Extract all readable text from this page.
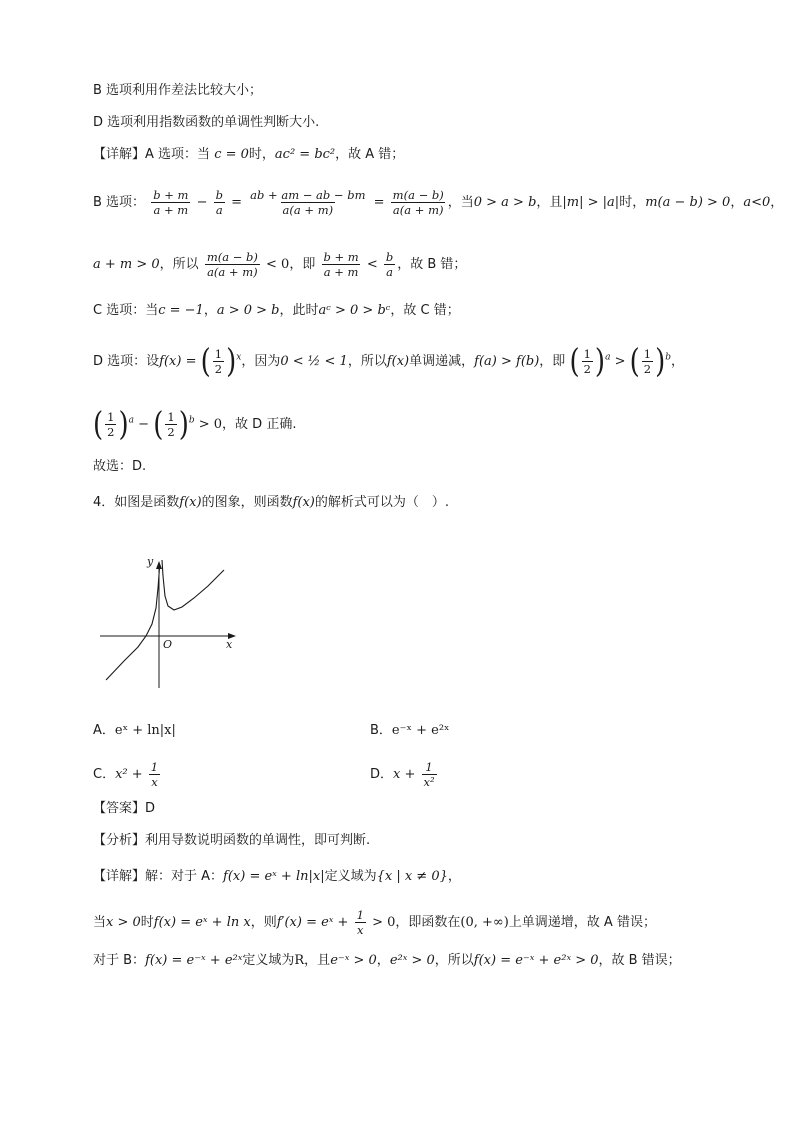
B 选项利用作差法比较大小；
D 选项利用指数函数的单调性判断大小.
【详解】A 选项：当 c = 0时，ac² = bc²，故 A 错；
B 选项： $\frac{b + m}{a + m} - \frac{b}{a} = \frac{ab + am - ab - bm}{a(a + m)} = \frac{m(a - b)}{a(a + m)}$ ，当0 > a > b，且|m| > |a|时，m(a − b) > 0，a<0，
a + m > 0，所以 $\frac{m(a - b)}{a(a + m)} < 0$，即 $\frac{b + m}{a + m} < \frac{b}{a}$ ，故 B 错；
C 选项：当c = −1，a > 0 > b，此时aᶜ > 0 > bᶜ，故 C 错；
D 选项：设f(x) = ( $\frac{1}{2} )^x$，因为0 < ½ < 1，所以f(x)单调递减，f(a) > f(b)，即 ( $\frac{1}{2} )^a$ > ( $\frac{1}{2} )^b$，
( $\frac{1}{2} )^a$ − ( $\frac{1}{2} )^b > 0$，故 D 正确.
故选：D.
4．如图是函数f(x)的图象，则函数f(x)的解析式可以为（　）.
y
x
O
A．eˣ + ln|x|	B．e⁻ˣ + e²ˣ
C．$x^2 + \frac{1}{x}$	D．$x + \frac{1}{\text{x²}}$
【答案】D
【分析】利用导数说明函数的单调性，即可判断.
【详解】解：对于 A：f(x) = eˣ + ln|x|定义域为{x | x ≠ 0}，
当x > 0时f(x) = eˣ + ln x，则f′(x) = eˣ + $\frac{1}{x} > 0$，即函数在(0, +∞)上单调递增，故 A 错误；
对于 B：f(x) = e⁻ˣ + e²ˣ定义域为R，且e⁻ˣ > 0，e²ˣ > 0，所以f(x) = e⁻ˣ + e²ˣ > 0，故 B 错误；
